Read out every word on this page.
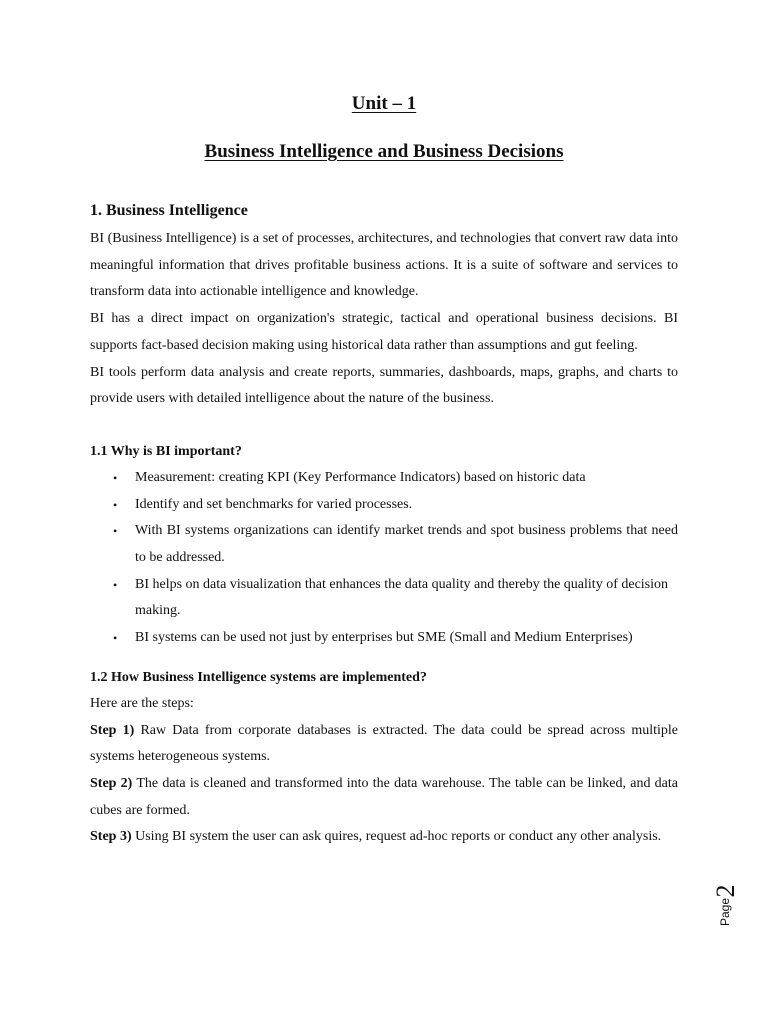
Unit – 1
Business Intelligence and Business Decisions
1. Business Intelligence

BI (Business Intelligence) is a set of processes, architectures, and technologies that convert raw data into meaningful information that drives profitable business actions. It is a suite of software and services to transform data into actionable intelligence and knowledge.

BI has a direct impact on organization's strategic, tactical and operational business decisions. BI supports fact-based decision making using historical data rather than assumptions and gut feeling.

BI tools perform data analysis and create reports, summaries, dashboards, maps, graphs, and charts to provide users with detailed intelligence about the nature of the business.

1.1 Why is BI important?
• Measurement: creating KPI (Key Performance Indicators) based on historic data
• Identify and set benchmarks for varied processes.
• With BI systems organizations can identify market trends and spot business problems that need to be addressed.
• BI helps on data visualization that enhances the data quality and thereby the quality of decision making.
• BI systems can be used not just by enterprises but SME (Small and Medium Enterprises)
1.2 How Business Intelligence systems are implemented?

Here are the steps:

Step 1) Raw Data from corporate databases is extracted. The data could be spread across multiple systems heterogeneous systems.

Step 2) The data is cleaned and transformed into the data warehouse. The table can be linked, and data cubes are formed.

Step 3) Using BI system the user can ask quires, request ad-hoc reports or conduct any other analysis.

Page
2
